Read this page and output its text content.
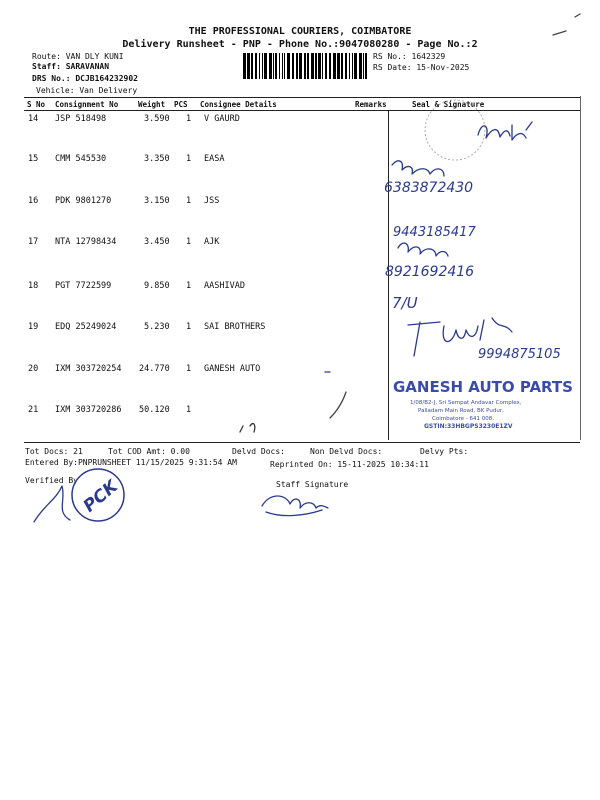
THE PROFESSIONAL COURIERS, COIMBATORE
Delivery Runsheet - PNP - Phone No.:9047080280 - Page No.:2
Route: VAN DLY KUNI
Staff: SARAVANAN
DRS No.: DCJB164232902
Vehicle: Van Delivery
RS No.: 1642329
RS Date: 15-Nov-2025
S No Consignment No	Weight PCS Consignee Details	Remarks	Seal & Signature
14 JSP 518498	3.590 1 V GAURD
15 CMM 545530	3.350 1 EASA
16 PDK 9801270	3.150 1 JSS
17 NTA 12798434	3.450 1 AJK
18 PGT 7722599	9.850 1 AASHIVAD
19 EDQ 25249024	5.230 1 SAI BROTHERS
20 IXM 303720254 24.770 1 GANESH AUTO
21 IXM 303720286 50.120 1
Tot Docs: 21	Tot COD Amt: 0.00	Delvd Docs:	Non Delvd Docs:	Delvy Pts:
Entered By:PNPRUNSHEET 11/15/2025 9:31:54 AM	Reprinted On: 15-11-2025 10:34:11
Verified By	Staff Signature
6383872430
9443185417
8921692416
7/U
9994875105
GANESH AUTO PARTS
1/08/B2-J, Sri Sempat Andavar Complex,
Palladam Main Road, BK Pudur,
Coimbatore - 641 008.
GSTIN:33HBGPS3230E1ZV
PCK
